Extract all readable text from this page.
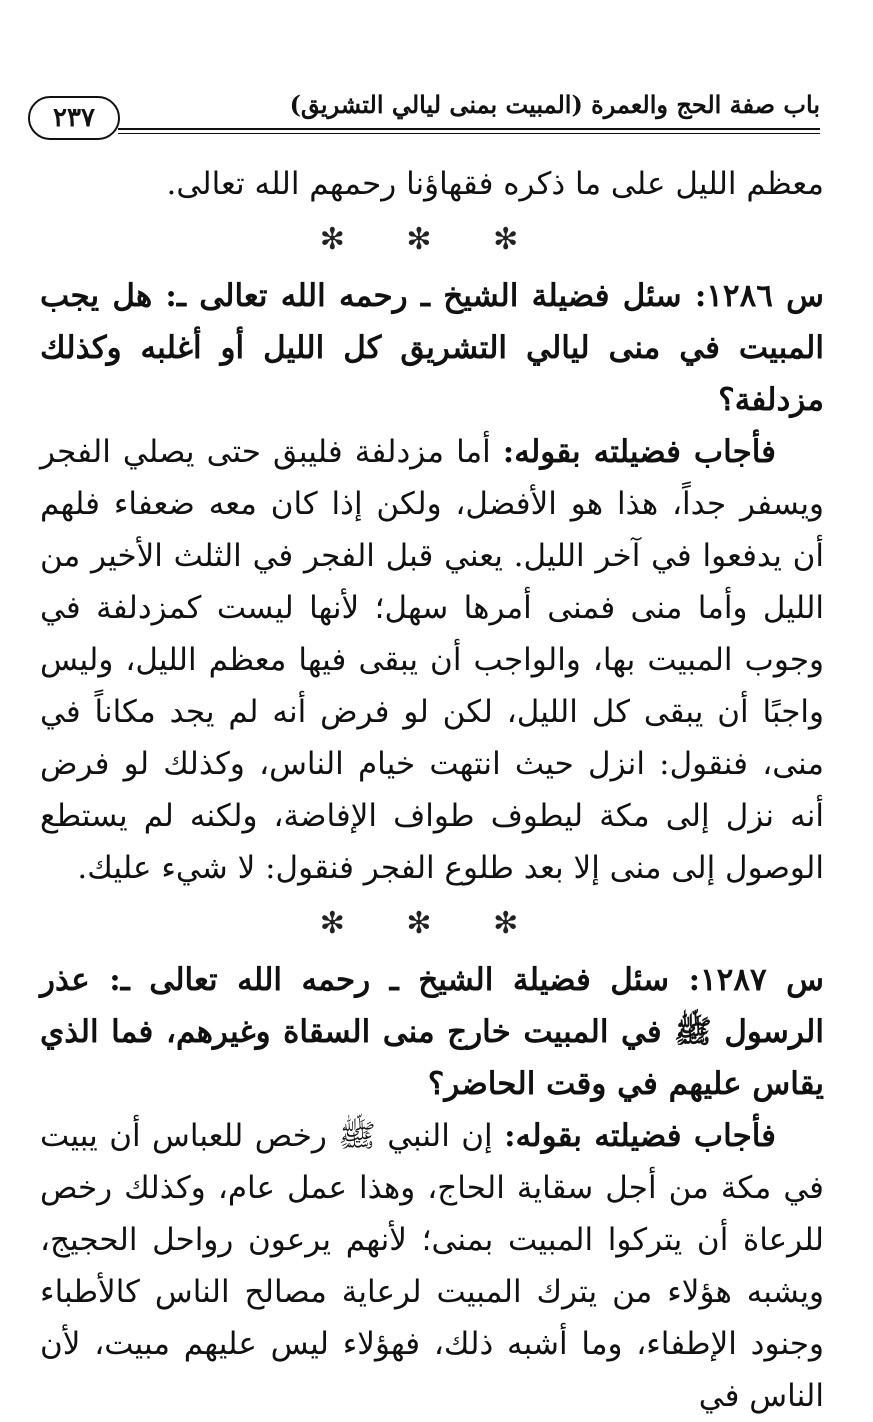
٢٣٧	باب صفة الحج والعمرة (المبيت بمنى ليالي التشريق)

معظم الليل على ما ذكره فقهاؤنا رحمهم الله تعالى.

✻ ✻ ✻

س ١٢٨٦: سئل فضيلة الشيخ ـ رحمه الله تعالى ـ: هل يجب المبيت في منى ليالي التشريق كل الليل أو أغلبه وكذلك مزدلفة؟

فأجاب فضيلته بقوله: أما مزدلفة فليبق حتى يصلي الفجر ويسفر جداً، هذا هو الأفضل، ولكن إذا كان معه ضعفاء فلهم أن يدفعوا في آخر الليل. يعني قبل الفجر في الثلث الأخير من الليل وأما منى فمنى أمرها سهل؛ لأنها ليست كمزدلفة في وجوب المبيت بها، والواجب أن يبقى فيها معظم الليل، وليس واجبًا أن يبقى كل الليل، لكن لو فرض أنه لم يجد مكاناً في منى، فنقول: انزل حيث انتهت خيام الناس، وكذلك لو فرض أنه نزل إلى مكة ليطوف طواف الإفاضة، ولكنه لم يستطع الوصول إلى منى إلا بعد طلوع الفجر فنقول: لا شيء عليك.

✻ ✻ ✻

س ١٢٨٧: سئل فضيلة الشيخ ـ رحمه الله تعالى ـ: عذر الرسول ﷺ في المبيت خارج منى السقاة وغيرهم، فما الذي يقاس عليهم في وقت الحاضر؟

فأجاب فضيلته بقوله: إن النبي ﷺ رخص للعباس أن يبيت في مكة من أجل سقاية الحاج، وهذا عمل عام، وكذلك رخص للرعاة أن يتركوا المبيت بمنى؛ لأنهم يرعون رواحل الحجيج، ويشبه هؤلاء من يترك المبيت لرعاية مصالح الناس كالأطباء وجنود الإطفاء، وما أشبه ذلك، فهؤلاء ليس عليهم مبيت، لأن الناس في
